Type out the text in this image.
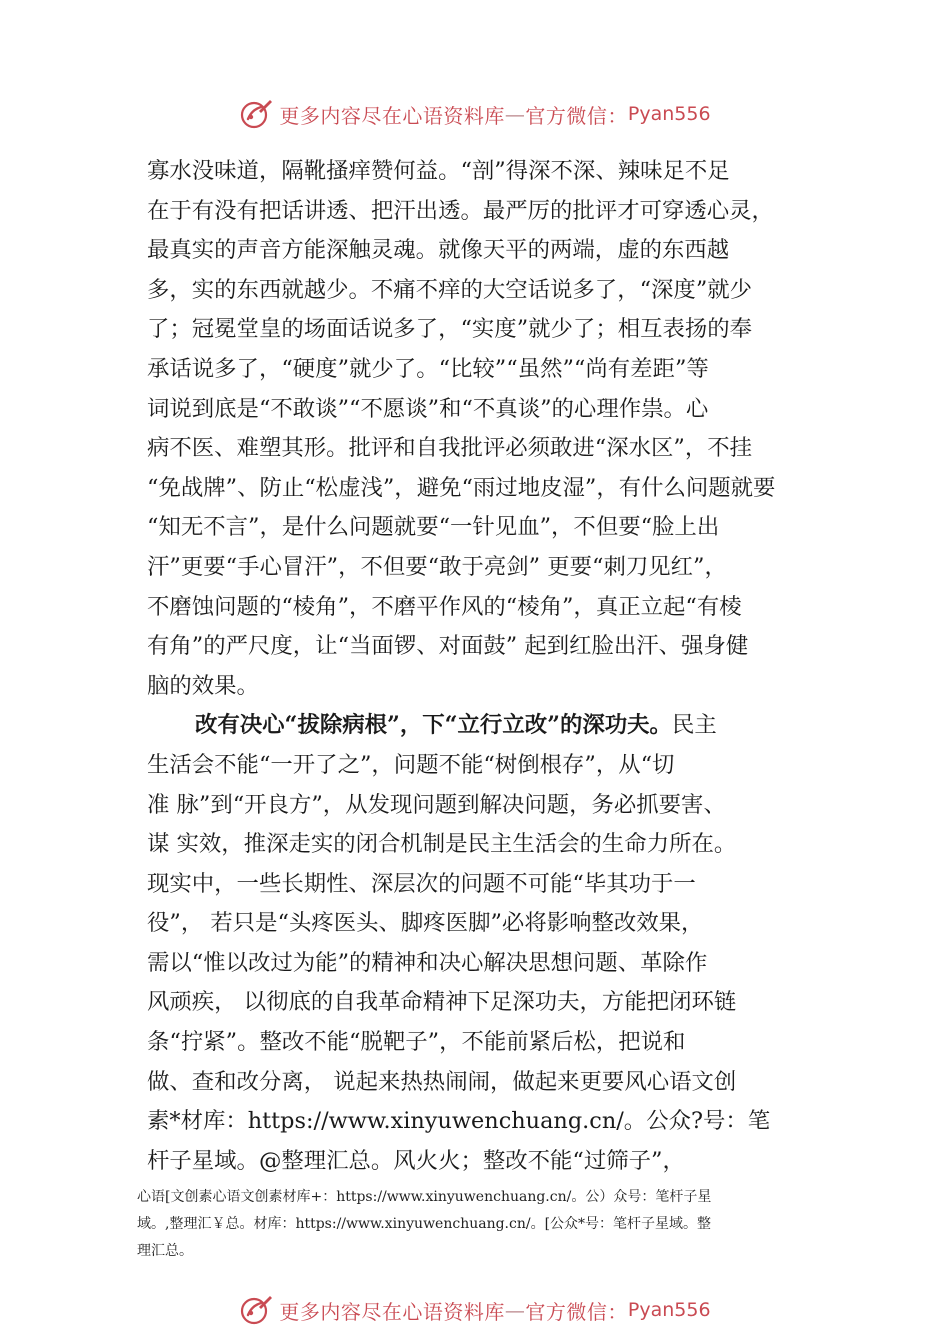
更多内容尽在心语资料库 — 官方微信： Pyan556
寡水没味道，隔靴搔痒赞何益。“剖”得深不深、辣味足不足
在于有没有把话讲透、把汗出透。最严厉的批评才可穿透心灵，
最真实的声音方能深触灵魂。就像天平的两端，虚的东西越
多，实的东西就越少。不痛不痒的大空话说多了，“深度”就少
了；冠冕堂皇的场面话说多了，“实度”就少了；相互表扬的奉
承话说多了，“硬度”就少了。“比较”“虽然”“尚有差距”等
词说到底是“不敢谈”“不愿谈”和“不真谈”的心理作祟。心
病不医、难塑其形。批评和自我批评必须敢进“深水区”，不挂
“免战牌”、防止“松虚浅”，避免“雨过地皮湿”，有什么问题就要
“知无不言”，是什么问题就要“一针见血”，不但要“脸上出
汗”更要“手心冒汗”，不但要“敢于亮剑” 更要“刺刀见红”，
不磨蚀问题的“棱角”，不磨平作风的“棱角”，真正立起“有棱
有角”的严尺度，让“当面锣、对面鼓” 起到红脸出汗、强身健
脑的效果。
改有决心“拔除病根”，下“立行立改”的深功夫。民主
生活会不能“一开了之”，问题不能“树倒根存”，从“切
准 脉”到“开良方”，从发现问题到解决问题，务必抓要害、
谋 实效，推深走实的闭合机制是民主生活会的生命力所在。
现实中，一些长期性、深层次的问题不可能“毕其功于一
役”， 若只是“头疼医头、脚疼医脚”必将影响整改效果，
需以“惟以改过为能”的精神和决心解决思想问题、革除作
风顽疾， 以彻底的自我革命精神下足深功夫，方能把闭环链
条“拧紧”。整改不能“脱靶子”，不能前紧后松，把说和
做、查和改分离， 说起来热热闹闹，做起来更要风心语文创
素*材库：https://www.xinyuwenchuang.cn/。公众?号：笔
杆子星域。@整理汇总。风火火；整改不能“过筛子”，
心语[文创素心语文创素材库+：https://www.xinyuwenchuang.cn/。公）众号：笔杆子星
域。,整理汇￥总。材库：https://www.xinyuwenchuang.cn/。[公众*号：笔杆子星域。整
理汇总。
更多内容尽在心语资料库 — 官方微信： Pyan556
